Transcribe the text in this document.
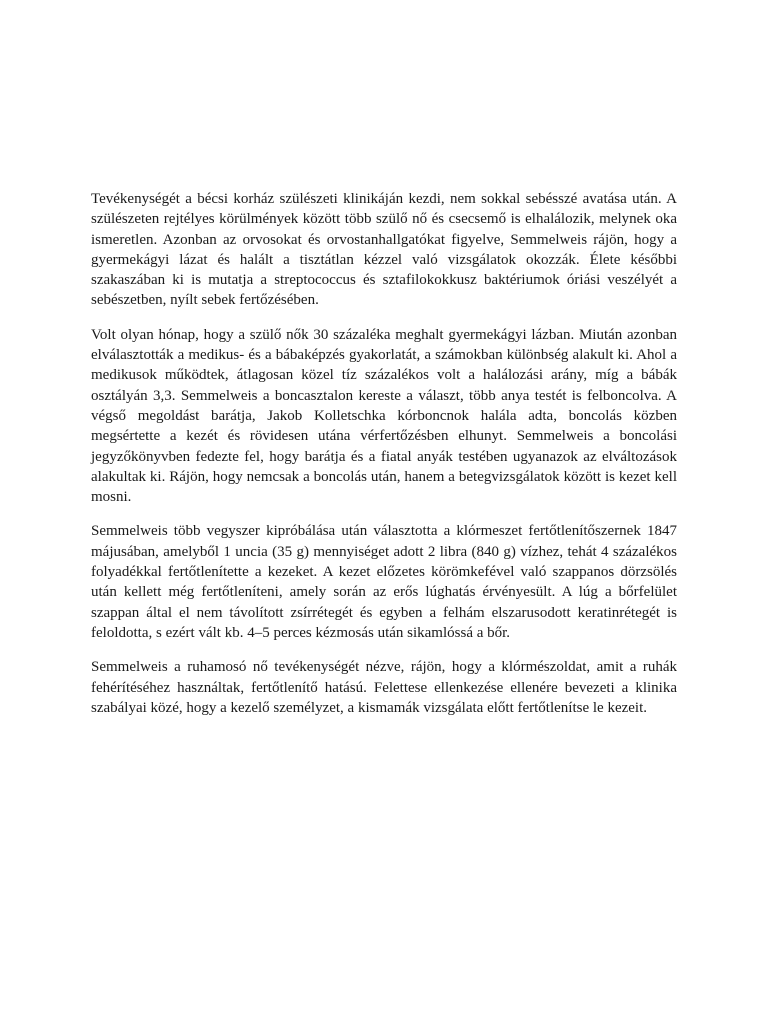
Tevékenységét a bécsi korház szülészeti klinikáján kezdi, nem sokkal sebésszé avatása után. A szülészeten rejtélyes körülmények között több szülő nő és csecsemő is elhalálozik, melynek oka ismeretlen. Azonban az orvosokat és orvostanhallgatókat figyelve, Semmelweis rájön, hogy a gyermekágyi lázat és halált a tisztátlan kézzel való vizsgálatok okozzák. Élete későbbi szakaszában ki is mutatja a streptococcus és sztafilokokkusz baktériumok óriási veszélyét a sebészetben, nyílt sebek fertőzésében.

Volt olyan hónap, hogy a szülő nők 30 százaléka meghalt gyermekágyi lázban. Miután azonban elválasztották a medikus- és a bábaképzés gyakorlatát, a számokban különbség alakult ki. Ahol a medikusok működtek, átlagosan közel tíz százalékos volt a halálozási arány, míg a bábák osztályán 3,3. Semmelweis a boncasztalon kereste a választ, több anya testét is felboncolva. A végső megoldást barátja, Jakob Kolletschka kórboncnok halála adta, boncolás közben megsértette a kezét és rövidesen utána vérfertőzésben elhunyt. Semmelweis a boncolási jegyzőkönyvben fedezte fel, hogy barátja és a fiatal anyák testében ugyanazok az elváltozások alakultak ki. Rájön, hogy nemcsak a boncolás után, hanem a betegvizsgálatok között is kezet kell mosni.

Semmelweis több vegyszer kipróbálása után választotta a klórmeszet fertőtlenítőszernek 1847 májusában, amelyből 1 uncia (35 g) mennyiséget adott 2 libra (840 g) vízhez, tehát 4 százalékos folyadékkal fertőtlenítette a kezeket. A kezet előzetes körömkefével való szappanos dörzsölés után kellett még fertőtleníteni, amely során az erős lúghatás érvényesült. A lúg a bőrfelület szappan által el nem távolított zsírrétegét és egyben a felhám elszarusodott keratinrétegét is feloldotta, s ezért vált kb. 4–5 perces kézmosás után sikamlóssá a bőr.

Semmelweis a ruhamosó nő tevékenységét nézve, rájön, hogy a klórmészoldat, amit a ruhák fehérítéséhez használtak, fertőtlenítő hatású. Felettese ellenkezése ellenére bevezeti a klinika szabályai közé, hogy a kezelő személyzet, a kismamák vizsgálata előtt fertőtlenítse le kezeit.
